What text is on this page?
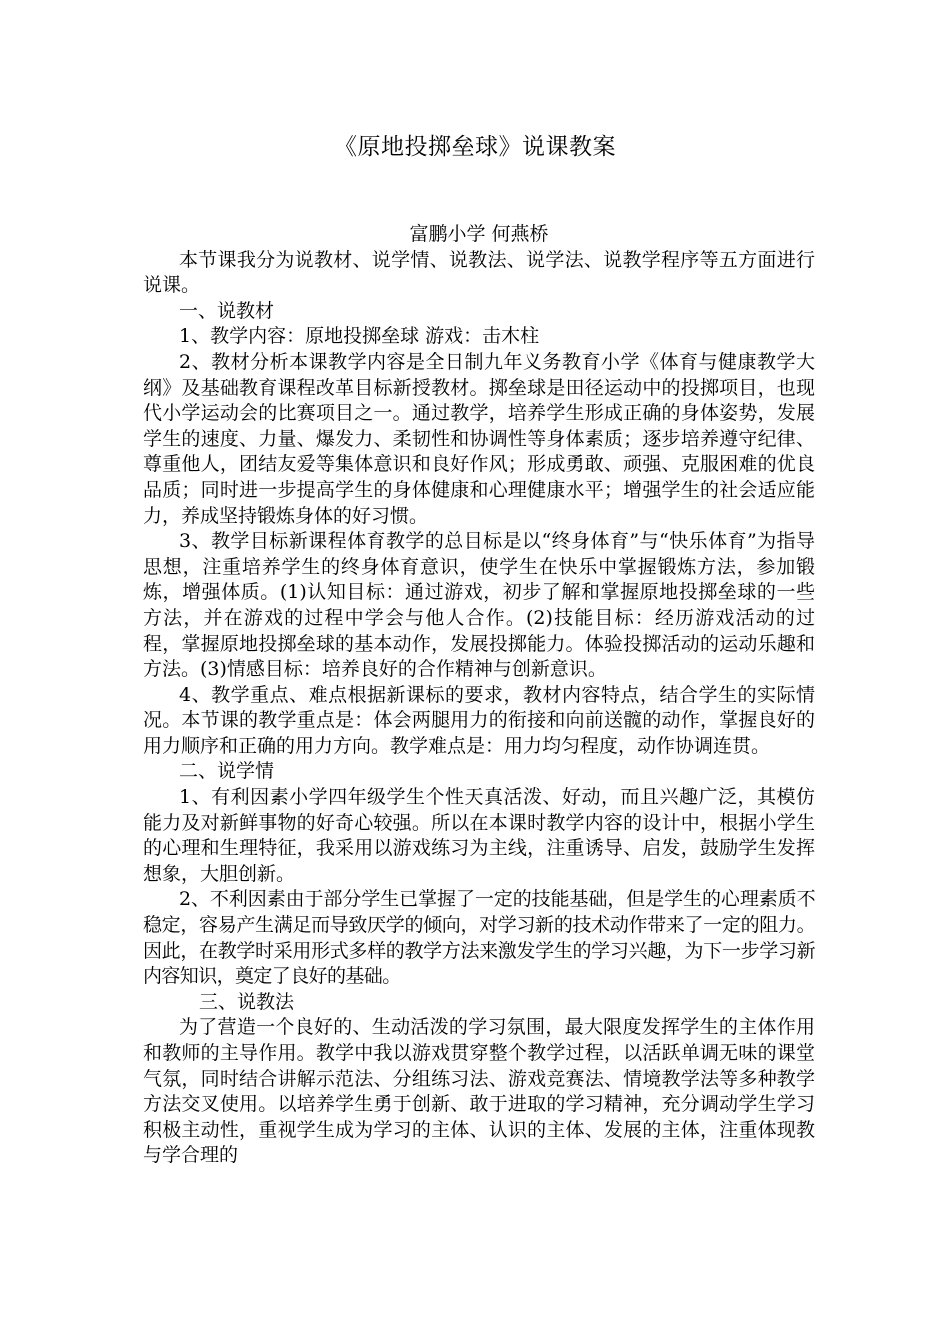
《原地投掷垒球》说课教案

富鹏小学 何燕桥

本节课我分为说教材、说学情、说教法、说学法、说教学程序等五方面进行说课。

一、说教材

1、教学内容：原地投掷垒球 游戏：击木柱

2、教材分析本课教学内容是全日制九年义务教育小学《体育与健康教学大纲》及基础教育课程改革目标新授教材。掷垒球是田径运动中的投掷项目，也现代小学运动会的比赛项目之一。通过教学，培养学生形成正确的身体姿势，发展学生的速度、力量、爆发力、柔韧性和协调性等身体素质；逐步培养遵守纪律、尊重他人，团结友爱等集体意识和良好作风；形成勇敢、顽强、克服困难的优良品质；同时进一步提高学生的身体健康和心理健康水平；增强学生的社会适应能力，养成坚持锻炼身体的好习惯。

3、教学目标新课程体育教学的总目标是以“终身体育”与“快乐体育”为指导思想，注重培养学生的终身体育意识，使学生在快乐中掌握锻炼方法，参加锻炼，增强体质。(1)认知目标：通过游戏，初步了解和掌握原地投掷垒球的一些方法，并在游戏的过程中学会与他人合作。(2)技能目标：经历游戏活动的过程，掌握原地投掷垒球的基本动作，发展投掷能力。体验投掷活动的运动乐趣和方法。(3)情感目标：培养良好的合作精神与创新意识。

4、教学重点、难点根据新课标的要求，教材内容特点，结合学生的实际情况。本节课的教学重点是：体会两腿用力的衔接和向前送髋的动作，掌握良好的用力顺序和正确的用力方向。教学难点是：用力均匀程度，动作协调连贯。

二、说学情

1、有利因素小学四年级学生个性天真活泼、好动，而且兴趣广泛，其模仿能力及对新鲜事物的好奇心较强。所以在本课时教学内容的设计中，根据小学生的心理和生理特征，我采用以游戏练习为主线，注重诱导、启发，鼓励学生发挥想象，大胆创新。

2、不利因素由于部分学生已掌握了一定的技能基础，但是学生的心理素质不稳定，容易产生满足而导致厌学的倾向，对学习新的技术动作带来了一定的阻力。因此，在教学时采用形式多样的教学方法来激发学生的学习兴趣，为下一步学习新内容知识，奠定了良好的基础。

三、说教法

为了营造一个良好的、生动活泼的学习氛围，最大限度发挥学生的主体作用和教师的主导作用。教学中我以游戏贯穿整个教学过程，以活跃单调无味的课堂气氛，同时结合讲解示范法、分组练习法、游戏竞赛法、情境教学法等多种教学方法交叉使用。以培养学生勇于创新、敢于进取的学习精神，充分调动学生学习积极主动性，重视学生成为学习的主体、认识的主体、发展的主体，注重体现教与学合理的
